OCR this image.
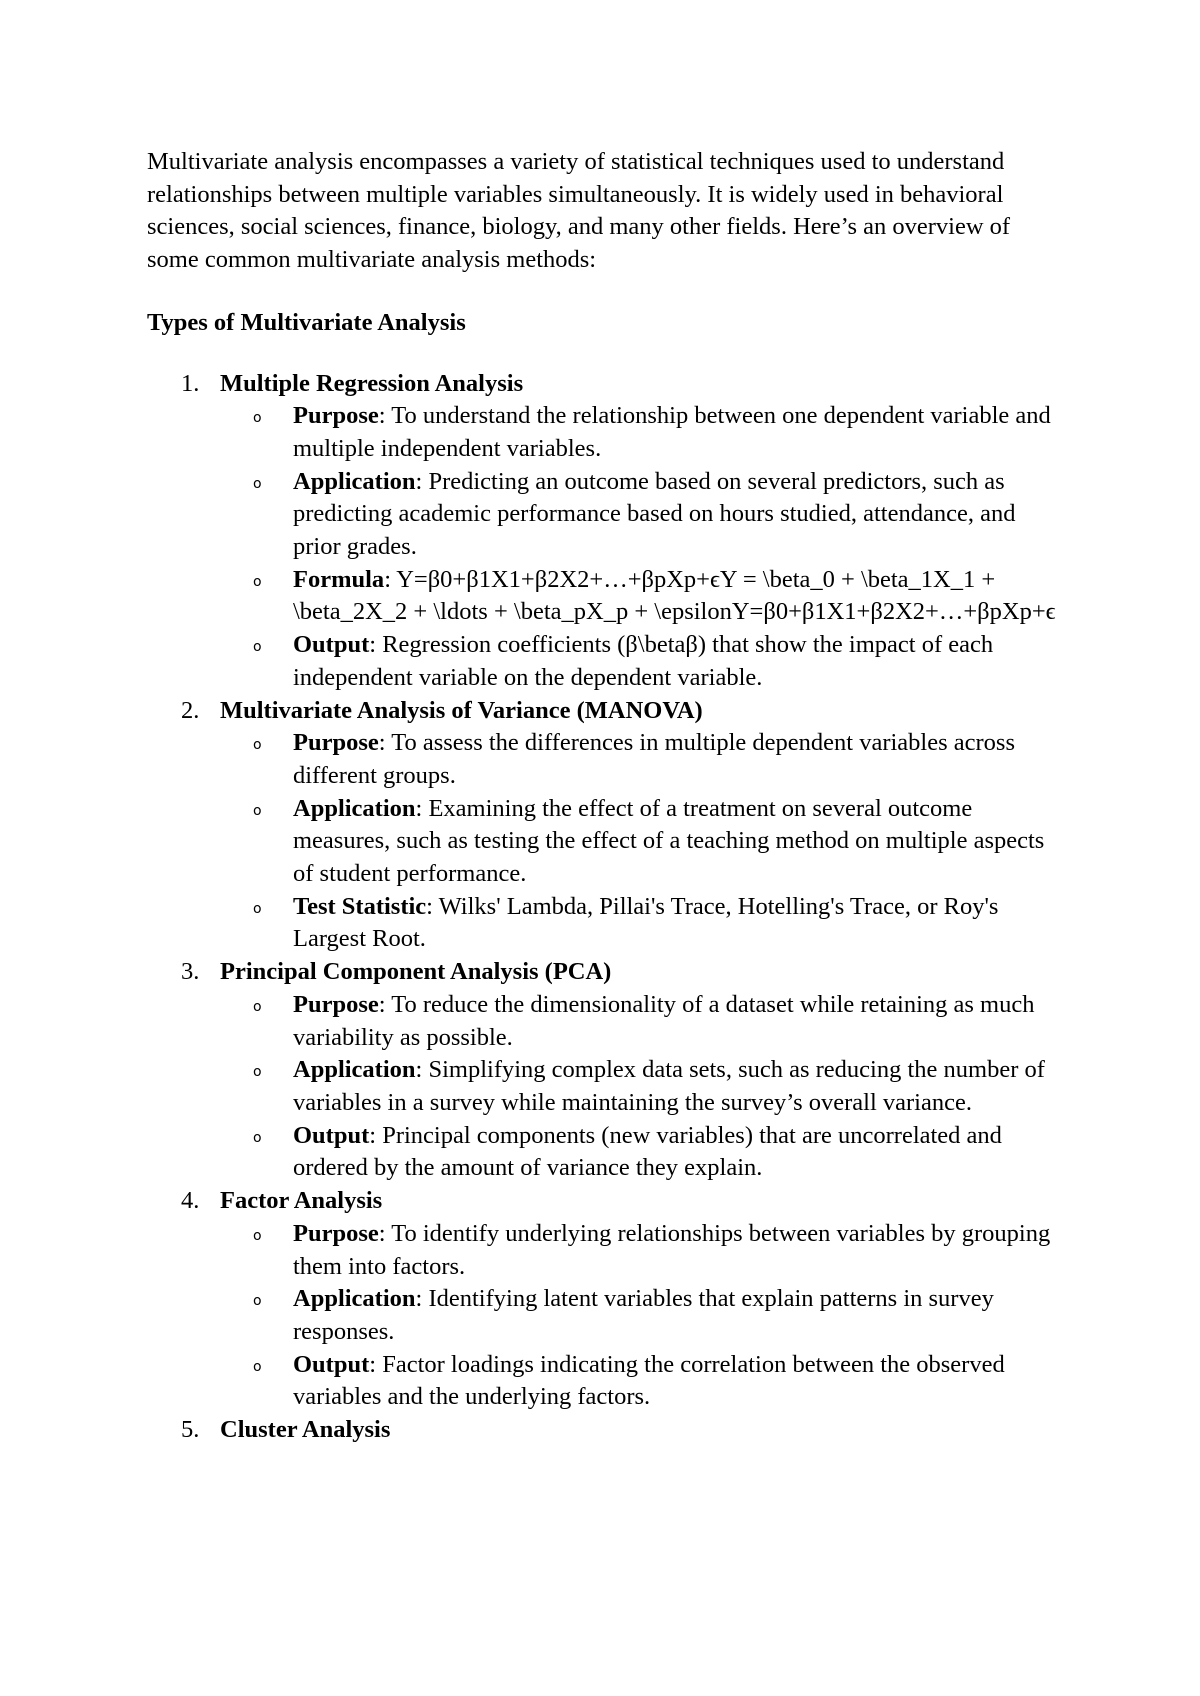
Multivariate analysis encompasses a variety of statistical techniques used to understand relationships between multiple variables simultaneously. It is widely used in behavioral sciences, social sciences, finance, biology, and many other fields. Here’s an overview of some common multivariate analysis methods:

Types of Multivariate Analysis
1. Multiple Regression Analysis
o Purpose: To understand the relationship between one dependent variable and multiple independent variables.
o Application: Predicting an outcome based on several predictors, such as predicting academic performance based on hours studied, attendance, and prior grades.
o Formula: Y=β0+β1X1+β2X2+…+βpXp+ϵY = \beta_0 + \beta_1X_1 + \beta_2X_2 + \ldots + \beta_pX_p + \epsilonY=β0+β1X1+β2X2+…+βpXp+ϵ
o Output: Regression coefficients (β\betaβ) that show the impact of each independent variable on the dependent variable.
2. Multivariate Analysis of Variance (MANOVA)
o Purpose: To assess the differences in multiple dependent variables across different groups.
o Application: Examining the effect of a treatment on several outcome measures, such as testing the effect of a teaching method on multiple aspects of student performance.
o Test Statistic: Wilks' Lambda, Pillai's Trace, Hotelling's Trace, or Roy's Largest Root.
3. Principal Component Analysis (PCA)
o Purpose: To reduce the dimensionality of a dataset while retaining as much variability as possible.
o Application: Simplifying complex data sets, such as reducing the number of variables in a survey while maintaining the survey’s overall variance.
o Output: Principal components (new variables) that are uncorrelated and ordered by the amount of variance they explain.
4. Factor Analysis
o Purpose: To identify underlying relationships between variables by grouping them into factors.
o Application: Identifying latent variables that explain patterns in survey responses.
o Output: Factor loadings indicating the correlation between the observed variables and the underlying factors.
5. Cluster Analysis
